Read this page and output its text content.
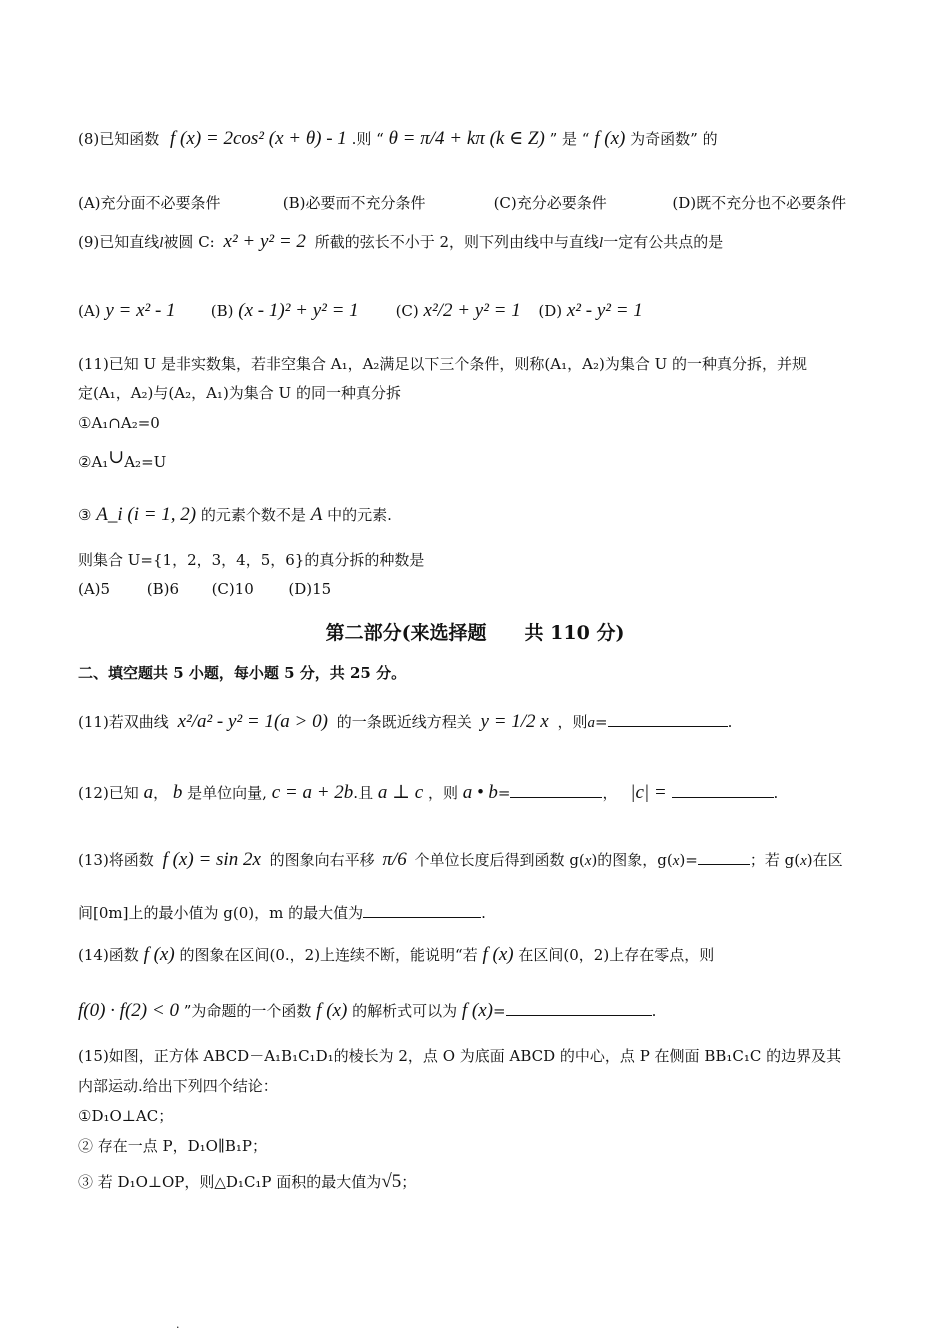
(8)已知函数 f (x) = 2cos² (x + θ) - 1 .则 “ θ = π/4 + kπ (k ∈ Z) ” 是 “ f (x) 为奇函数” 的
(A)充分面不必要条件	(B)必要而不充分条件	(C)充分必要条件	(D)既不充分也不必要条件
(9)已知直线l被圆 C: x² + y² = 2 所截的弦长不小于 2，则下列由线中与直线l一定有公共点的是
(A) y = x² - 1 (B) (x - 1)² + y² = 1 (C) x²/2 + y² = 1 (D) x² - y² = 1
(11)已知 U 是非实数集，若非空集合 A₁，A₂满足以下三个条件，则称(A₁，A₂)为集合 U 的一种真分拆，并规
定(A₁，A₂)与(A₂，A₁)为集合 U 的同一种真分拆
①A₁∩A₂=0
②A₁∪A₂=U
③ A_i (i = 1, 2) 的元素个数不是 A 中的元素.
则集合 U={1，2，3，4，5，6}的真分拆的种数是
(A)5 (B)6 (C)10 (D)15
第二部分(来选择题　　共 110 分)
二、填空题共 5 小题，每小题 5 分，共 25 分。
(11)若双曲线 x²/a² - y² = 1(a > 0) 的一条既近线方程关 y = 1/2 x ，则a=	.
(12)已知 a， b 是单位向量, c = a + 2b.且 a ⊥ c ，则 a • b=	， |c| =	.
(13)将函数 f (x) = sin 2x 的图象向右平移 π/6 个单位长度后得到函数 g(x)的图象，g(x)=	；若 g(x)在区
间[0m]上的最小值为 g(0)，m 的最大值为	.
(14)函数 f (x) 的图象在区间(0.，2)上连续不断，能说明“若 f (x) 在区间(0，2)上存在零点，则
f(0) · f(2) < 0 ”为命题的一个函数 f (x) 的解析式可以为 f (x)=	.
(15)如图，正方体 ABCD－A₁B₁C₁D₁的棱长为 2，点 O 为底面 ABCD 的中心，点 P 在侧面 BB₁C₁C 的边界及其
内部运动.给出下列四个结论：
①D₁O⊥AC；
② 存在一点 P，D₁O∥B₁P；
③ 若 D₁O⊥OP，则△D₁C₁P 面积的最大值为√5；
.
